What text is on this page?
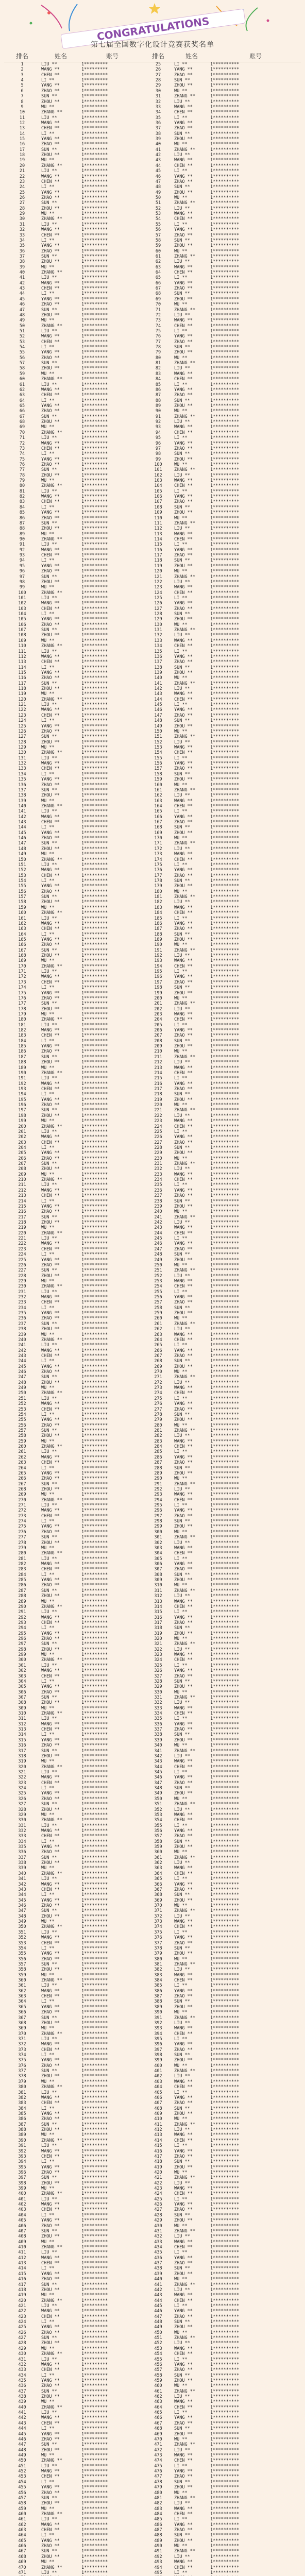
CONGRATULATIONS
第七届全国数字化设计竞赛获奖名单
排名	姓名	账号	排名	姓名	账号
1	LIU **	1*********	25	LI **	1**********
2	WANG **	1*********	26	YANG **	1**********
3	CHEN **	1*********	27	ZHAO **	1**********
4	LI **	1*********	28	SUN **	1**********
5	YANG **	1*********	29	ZHOU **	1**********
6	ZHAO **	1*********	30	WU **	1**********
7	SUN **	1*********	31	ZHANG **	1**********
8	ZHOU **	1*********	32	LIU **	1**********
9	WU **	1*********	33	WANG **	1**********
10	ZHANG **	1*********	34	CHEN **	1**********
11	LIU **	1*********	35	LI **	1**********
12	WANG **	1*********	36	YANG **	1**********
13	CHEN **	1*********	37	ZHAO **	1**********
14	LI **	1*********	38	SUN **	1**********
15	YANG **	1*********	39	ZHOU **	1**********
16	ZHAO **	1*********	40	WU **	1**********
17	SUN **	1*********	41	ZHANG **	1**********
18	ZHOU **	1*********	42	LIU **	1**********
19	WU **	1*********	43	WANG **	1**********
20	ZHANG **	1*********	44	CHEN **	1**********
21	LIU **	1*********	45	LI **	1**********
22	WANG **	1*********	46	YANG **	1**********
23	CHEN **	1*********	47	ZHAO **	1**********
24	LI **	1*********	48	SUN **	1**********
25	YANG **	1*********	49	ZHOU **	1**********
26	ZHAO **	1*********	50	WU **	1**********
27	SUN **	1*********	51	ZHANG **	1**********
28	ZHOU **	1*********	52	LIU **	1**********
29	WU **	1*********	53	WANG **	1**********
30	ZHANG **	1*********	54	CHEN **	1**********
31	LIU **	1*********	55	LI **	1**********
32	WANG **	1*********	56	YANG **	1**********
33	CHEN **	1*********	57	ZHAO **	1**********
34	LI **	1*********	58	SUN **	1**********
35	YANG **	1*********	59	ZHOU **	1**********
36	ZHAO **	1*********	60	WU **	1**********
37	SUN **	1*********	61	ZHANG **	1**********
38	ZHOU **	1*********	62	LIU **	1**********
39	WU **	1*********	63	WANG **	1**********
40	ZHANG **	1*********	64	CHEN **	1**********
41	LIU **	1*********	65	LI **	1**********
42	WANG **	1*********	66	YANG **	1**********
43	CHEN **	1*********	67	ZHAO **	1**********
44	LI **	1*********	68	SUN **	1**********
45	YANG **	1*********	69	ZHOU **	1**********
46	ZHAO **	1*********	70	WU **	1**********
47	SUN **	1*********	71	ZHANG **	1**********
48	ZHOU **	1*********	72	LIU **	1**********
49	WU **	1*********	73	WANG **	1**********
50	ZHANG **	1*********	74	CHEN **	1**********
51	LIU **	1*********	75	LI **	1**********
52	WANG **	1*********	76	YANG **	1**********
53	CHEN **	1*********	77	ZHAO **	1**********
54	LI **	1*********	78	SUN **	1**********
55	YANG **	1*********	79	ZHOU **	1**********
56	ZHAO **	1*********	80	WU **	1**********
57	SUN **	1*********	81	ZHANG **	1**********
58	ZHOU **	1*********	82	LIU **	1**********
59	WU **	1*********	83	WANG **	1**********
60	ZHANG **	1*********	84	CHEN **	1**********
61	LIU **	1*********	85	LI **	1**********
62	WANG **	1*********	86	YANG **	1**********
63	CHEN **	1*********	87	ZHAO **	1**********
64	LI **	1*********	88	SUN **	1**********
65	YANG **	1*********	89	ZHOU **	1**********
66	ZHAO **	1*********	90	WU **	1**********
67	SUN **	1*********	91	ZHANG **	1**********
68	ZHOU **	1*********	92	LIU **	1**********
69	WU **	1*********	93	WANG **	1**********
70	ZHANG **	1*********	94	CHEN **	1**********
71	LIU **	1*********	95	LI **	1**********
72	WANG **	1*********	96	YANG **	1**********
73	CHEN **	1*********	97	ZHAO **	1**********
74	LI **	1*********	98	SUN **	1**********
75	YANG **	1*********	99	ZHOU **	1**********
76	ZHAO **	1*********	100	WU **	1**********
77	SUN **	1*********	101	ZHANG **	1**********
78	ZHOU **	1*********	102	LIU **	1**********
79	WU **	1*********	103	WANG **	1**********
80	ZHANG **	1*********	104	CHEN **	1**********
81	LIU **	1*********	105	LI **	1**********
82	WANG **	1*********	106	YANG **	1**********
83	CHEN **	1*********	107	ZHAO **	1**********
84	LI **	1*********	108	SUN **	1**********
85	YANG **	1*********	109	ZHOU **	1**********
86	ZHAO **	1*********	110	WU **	1**********
87	SUN **	1*********	111	ZHANG **	1**********
88	ZHOU **	1*********	112	LIU **	1**********
89	WU **	1*********	113	WANG **	1**********
90	ZHANG **	1*********	114	CHEN **	1**********
91	LIU **	1*********	115	LI **	1**********
92	WANG **	1*********	116	YANG **	1**********
93	CHEN **	1*********	117	ZHAO **	1**********
94	LI **	1*********	118	SUN **	1**********
95	YANG **	1*********	119	ZHOU **	1**********
96	ZHAO **	1*********	120	WU **	1**********
97	SUN **	1*********	121	ZHANG **	1**********
98	ZHOU **	1*********	122	LIU **	1**********
99	WU **	1*********	123	WANG **	1**********
100	ZHANG **	1*********	124	CHEN **	1**********
101	LIU **	1*********	125	LI **	1**********
102	WANG **	1*********	126	YANG **	1**********
103	CHEN **	1*********	127	ZHAO **	1**********
104	LI **	1*********	128	SUN **	1**********
105	YANG **	1*********	129	ZHOU **	1**********
106	ZHAO **	1*********	130	WU **	1**********
107	SUN **	1*********	131	ZHANG **	1**********
108	ZHOU **	1*********	132	LIU **	1**********
109	WU **	1*********	133	WANG **	1**********
110	ZHANG **	1*********	134	CHEN **	1**********
111	LIU **	1*********	135	LI **	1**********
112	WANG **	1*********	136	YANG **	1**********
113	CHEN **	1*********	137	ZHAO **	1**********
114	LI **	1*********	138	SUN **	1**********
115	YANG **	1*********	139	ZHOU **	1**********
116	ZHAO **	1*********	140	WU **	1**********
117	SUN **	1*********	141	ZHANG **	1**********
118	ZHOU **	1*********	142	LIU **	1**********
119	WU **	1*********	143	WANG **	1**********
120	ZHANG **	1*********	144	CHEN **	1**********
121	LIU **	1*********	145	LI **	1**********
122	WANG **	1*********	146	YANG **	1**********
123	CHEN **	1*********	147	ZHAO **	1**********
124	LI **	1*********	148	SUN **	1**********
125	YANG **	1*********	149	ZHOU **	1**********
126	ZHAO **	1*********	150	WU **	1**********
127	SUN **	1*********	151	ZHANG **	1**********
128	ZHOU **	1*********	152	LIU **	1**********
129	WU **	1*********	153	WANG **	1**********
130	ZHANG **	1*********	154	CHEN **	1**********
131	LIU **	1*********	155	LI **	1**********
132	WANG **	1*********	156	YANG **	1**********
133	CHEN **	1*********	157	ZHAO **	1**********
134	LI **	1*********	158	SUN **	1**********
135	YANG **	1*********	159	ZHOU **	1**********
136	ZHAO **	1*********	160	WU **	1**********
137	SUN **	1*********	161	ZHANG **	1**********
138	ZHOU **	1*********	162	LIU **	1**********
139	WU **	1*********	163	WANG **	1**********
140	ZHANG **	1*********	164	CHEN **	1**********
141	LIU **	1*********	165	LI **	1**********
142	WANG **	1*********	166	YANG **	1**********
143	CHEN **	1*********	167	ZHAO **	1**********
144	LI **	1*********	168	SUN **	1**********
145	YANG **	1*********	169	ZHOU **	1**********
146	ZHAO **	1*********	170	WU **	1**********
147	SUN **	1*********	171	ZHANG **	1**********
148	ZHOU **	1*********	172	LIU **	1**********
149	WU **	1*********	173	WANG **	1**********
150	ZHANG **	1*********	174	CHEN **	1**********
151	LIU **	1*********	175	LI **	1**********
152	WANG **	1*********	176	YANG **	1**********
153	CHEN **	1*********	177	ZHAO **	1**********
154	LI **	1*********	178	SUN **	1**********
155	YANG **	1*********	179	ZHOU **	1**********
156	ZHAO **	1*********	180	WU **	1**********
157	SUN **	1*********	181	ZHANG **	1**********
158	ZHOU **	1*********	182	LIU **	1**********
159	WU **	1*********	183	WANG **	1**********
160	ZHANG **	1*********	184	CHEN **	1**********
161	LIU **	1*********	185	LI **	1**********
162	WANG **	1*********	186	YANG **	1**********
163	CHEN **	1*********	187	ZHAO **	1**********
164	LI **	1*********	188	SUN **	1**********
165	YANG **	1*********	189	ZHOU **	1**********
166	ZHAO **	1*********	190	WU **	1**********
167	SUN **	1*********	191	ZHANG **	1**********
168	ZHOU **	1*********	192	LIU **	1**********
169	WU **	1*********	193	WANG **	1**********
170	ZHANG **	1*********	194	CHEN **	1**********
171	LIU **	1*********	195	LI **	1**********
172	WANG **	1*********	196	YANG **	1**********
173	CHEN **	1*********	197	ZHAO **	1**********
174	LI **	1*********	198	SUN **	1**********
175	YANG **	1*********	199	ZHOU **	1**********
176	ZHAO **	1*********	200	WU **	1**********
177	SUN **	1*********	201	ZHANG **	1**********
178	ZHOU **	1*********	202	LIU **	1**********
179	WU **	1*********	203	WANG **	1**********
180	ZHANG **	1*********	204	CHEN **	1**********
181	LIU **	1*********	205	LI **	1**********
182	WANG **	1*********	206	YANG **	1**********
183	CHEN **	1*********	207	ZHAO **	1**********
184	LI **	1*********	208	SUN **	1**********
185	YANG **	1*********	209	ZHOU **	1**********
186	ZHAO **	1*********	210	WU **	1**********
187	SUN **	1*********	211	ZHANG **	1**********
188	ZHOU **	1*********	212	LIU **	1**********
189	WU **	1*********	213	WANG **	1**********
190	ZHANG **	1*********	214	CHEN **	1**********
191	LIU **	1*********	215	LI **	1**********
192	WANG **	1*********	216	YANG **	1**********
193	CHEN **	1*********	217	ZHAO **	1**********
194	LI **	1*********	218	SUN **	1**********
195	YANG **	1*********	219	ZHOU **	1**********
196	ZHAO **	1*********	220	WU **	1**********
197	SUN **	1*********	221	ZHANG **	1**********
198	ZHOU **	1*********	222	LIU **	1**********
199	WU **	1*********	223	WANG **	1**********
200	ZHANG **	1*********	224	CHEN **	1**********
201	LIU **	1*********	225	LI **	1**********
202	WANG **	1*********	226	YANG **	1**********
203	CHEN **	1*********	227	ZHAO **	1**********
204	LI **	1*********	228	SUN **	1**********
205	YANG **	1*********	229	ZHOU **	1**********
206	ZHAO **	1*********	230	WU **	1**********
207	SUN **	1*********	231	ZHANG **	1**********
208	ZHOU **	1*********	232	LIU **	1**********
209	WU **	1*********	233	WANG **	1**********
210	ZHANG **	1*********	234	CHEN **	1**********
211	LIU **	1*********	235	LI **	1**********
212	WANG **	1*********	236	YANG **	1**********
213	CHEN **	1*********	237	ZHAO **	1**********
214	LI **	1*********	238	SUN **	1**********
215	YANG **	1*********	239	ZHOU **	1**********
216	ZHAO **	1*********	240	WU **	1**********
217	SUN **	1*********	241	ZHANG **	1**********
218	ZHOU **	1*********	242	LIU **	1**********
219	WU **	1*********	243	WANG **	1**********
220	ZHANG **	1*********	244	CHEN **	1**********
221	LIU **	1*********	245	LI **	1**********
222	WANG **	1*********	246	YANG **	1**********
223	CHEN **	1*********	247	ZHAO **	1**********
224	LI **	1*********	248	SUN **	1**********
225	YANG **	1*********	249	ZHOU **	1**********
226	ZHAO **	1*********	250	WU **	1**********
227	SUN **	1*********	251	ZHANG **	1**********
228	ZHOU **	1*********	252	LIU **	1**********
229	WU **	1*********	253	WANG **	1**********
230	ZHANG **	1*********	254	CHEN **	1**********
231	LIU **	1*********	255	LI **	1**********
232	WANG **	1*********	256	YANG **	1**********
233	CHEN **	1*********	257	ZHAO **	1**********
234	LI **	1*********	258	SUN **	1**********
235	YANG **	1*********	259	ZHOU **	1**********
236	ZHAO **	1*********	260	WU **	1**********
237	SUN **	1*********	261	ZHANG **	1**********
238	ZHOU **	1*********	262	LIU **	1**********
239	WU **	1*********	263	WANG **	1**********
240	ZHANG **	1*********	264	CHEN **	1**********
241	LIU **	1*********	265	LI **	1**********
242	WANG **	1*********	266	YANG **	1**********
243	CHEN **	1*********	267	ZHAO **	1**********
244	LI **	1*********	268	SUN **	1**********
245	YANG **	1*********	269	ZHOU **	1**********
246	ZHAO **	1*********	270	WU **	1**********
247	SUN **	1*********	271	ZHANG **	1**********
248	ZHOU **	1*********	272	LIU **	1**********
249	WU **	1*********	273	WANG **	1**********
250	ZHANG **	1*********	274	CHEN **	1**********
251	LIU **	1*********	275	LI **	1**********
252	WANG **	1*********	276	YANG **	1**********
253	CHEN **	1*********	277	ZHAO **	1**********
254	LI **	1*********	278	SUN **	1**********
255	YANG **	1*********	279	ZHOU **	1**********
256	ZHAO **	1*********	280	WU **	1**********
257	SUN **	1*********	281	ZHANG **	1**********
258	ZHOU **	1*********	282	LIU **	1**********
259	WU **	1*********	283	WANG **	1**********
260	ZHANG **	1*********	284	CHEN **	1**********
261	LIU **	1*********	285	LI **	1**********
262	WANG **	1*********	286	YANG **	1**********
263	CHEN **	1*********	287	ZHAO **	1**********
264	LI **	1*********	288	SUN **	1**********
265	YANG **	1*********	289	ZHOU **	1**********
266	ZHAO **	1*********	290	WU **	1**********
267	SUN **	1*********	291	ZHANG **	1**********
268	ZHOU **	1*********	292	LIU **	1**********
269	WU **	1*********	293	WANG **	1**********
270	ZHANG **	1*********	294	CHEN **	1**********
271	LIU **	1*********	295	LI **	1**********
272	WANG **	1*********	296	YANG **	1**********
273	CHEN **	1*********	297	ZHAO **	1**********
274	LI **	1*********	298	SUN **	1**********
275	YANG **	1*********	299	ZHOU **	1**********
276	ZHAO **	1*********	300	WU **	1**********
277	SUN **	1*********	301	ZHANG **	1**********
278	ZHOU **	1*********	302	LIU **	1**********
279	WU **	1*********	303	WANG **	1**********
280	ZHANG **	1*********	304	CHEN **	1**********
281	LIU **	1*********	305	LI **	1**********
282	WANG **	1*********	306	YANG **	1**********
283	CHEN **	1*********	307	ZHAO **	1**********
284	LI **	1*********	308	SUN **	1**********
285	YANG **	1*********	309	ZHOU **	1**********
286	ZHAO **	1*********	310	WU **	1**********
287	SUN **	1*********	311	ZHANG **	1**********
288	ZHOU **	1*********	312	LIU **	1**********
289	WU **	1*********	313	WANG **	1**********
290	ZHANG **	1*********	314	CHEN **	1**********
291	LIU **	1*********	315	LI **	1**********
292	WANG **	1*********	316	YANG **	1**********
293	CHEN **	1*********	317	ZHAO **	1**********
294	LI **	1*********	318	SUN **	1**********
295	YANG **	1*********	319	ZHOU **	1**********
296	ZHAO **	1*********	320	WU **	1**********
297	SUN **	1*********	321	ZHANG **	1**********
298	ZHOU **	1*********	322	LIU **	1**********
299	WU **	1*********	323	WANG **	1**********
300	ZHANG **	1*********	324	CHEN **	1**********
301	LIU **	1*********	325	LI **	1**********
302	WANG **	1*********	326	YANG **	1**********
303	CHEN **	1*********	327	ZHAO **	1**********
304	LI **	1*********	328	SUN **	1**********
305	YANG **	1*********	329	ZHOU **	1**********
306	ZHAO **	1*********	330	WU **	1**********
307	SUN **	1*********	331	ZHANG **	1**********
308	ZHOU **	1*********	332	LIU **	1**********
309	WU **	1*********	333	WANG **	1**********
310	ZHANG **	1*********	334	CHEN **	1**********
311	LIU **	1*********	335	LI **	1**********
312	WANG **	1*********	336	YANG **	1**********
313	CHEN **	1*********	337	ZHAO **	1**********
314	LI **	1*********	338	SUN **	1**********
315	YANG **	1*********	339	ZHOU **	1**********
316	ZHAO **	1*********	340	WU **	1**********
317	SUN **	1*********	341	ZHANG **	1**********
318	ZHOU **	1*********	342	LIU **	1**********
319	WU **	1*********	343	WANG **	1**********
320	ZHANG **	1*********	344	CHEN **	1**********
321	LIU **	1*********	345	LI **	1**********
322	WANG **	1*********	346	YANG **	1**********
323	CHEN **	1*********	347	ZHAO **	1**********
324	LI **	1*********	348	SUN **	1**********
325	YANG **	1*********	349	ZHOU **	1**********
326	ZHAO **	1*********	350	WU **	1**********
327	SUN **	1*********	351	ZHANG **	1**********
328	ZHOU **	1*********	352	LIU **	1**********
329	WU **	1*********	353	WANG **	1**********
330	ZHANG **	1*********	354	CHEN **	1**********
331	LIU **	1*********	355	LI **	1**********
332	WANG **	1*********	356	YANG **	1**********
333	CHEN **	1*********	357	ZHAO **	1**********
334	LI **	1*********	358	SUN **	1**********
335	YANG **	1*********	359	ZHOU **	1**********
336	ZHAO **	1*********	360	WU **	1**********
337	SUN **	1*********	361	ZHANG **	1**********
338	ZHOU **	1*********	362	LIU **	1**********
339	WU **	1*********	363	WANG **	1**********
340	ZHANG **	1*********	364	CHEN **	1**********
341	LIU **	1*********	365	LI **	1**********
342	WANG **	1*********	366	YANG **	1**********
343	CHEN **	1*********	367	ZHAO **	1**********
344	LI **	1*********	368	SUN **	1**********
345	YANG **	1*********	369	ZHOU **	1**********
346	ZHAO **	1*********	370	WU **	1**********
347	SUN **	1*********	371	ZHANG **	1**********
348	ZHOU **	1*********	372	LIU **	1**********
349	WU **	1*********	373	WANG **	1**********
350	ZHANG **	1*********	374	CHEN **	1**********
351	LIU **	1*********	375	LI **	1**********
352	WANG **	1*********	376	YANG **	1**********
353	CHEN **	1*********	377	ZHAO **	1**********
354	LI **	1*********	378	SUN **	1**********
355	YANG **	1*********	379	ZHOU **	1**********
356	ZHAO **	1*********	380	WU **	1**********
357	SUN **	1*********	381	ZHANG **	1**********
358	ZHOU **	1*********	382	LIU **	1**********
359	WU **	1*********	383	WANG **	1**********
360	ZHANG **	1*********	384	CHEN **	1**********
361	LIU **	1*********	385	LI **	1**********
362	WANG **	1*********	386	YANG **	1**********
363	CHEN **	1*********	387	ZHAO **	1**********
364	LI **	1*********	388	SUN **	1**********
365	YANG **	1*********	389	ZHOU **	1**********
366	ZHAO **	1*********	390	WU **	1**********
367	SUN **	1*********	391	ZHANG **	1**********
368	ZHOU **	1*********	392	LIU **	1**********
369	WU **	1*********	393	WANG **	1**********
370	ZHANG **	1*********	394	CHEN **	1**********
371	LIU **	1*********	395	LI **	1**********
372	WANG **	1*********	396	YANG **	1**********
373	CHEN **	1*********	397	ZHAO **	1**********
374	LI **	1*********	398	SUN **	1**********
375	YANG **	1*********	399	ZHOU **	1**********
376	ZHAO **	1*********	400	WU **	1**********
377	SUN **	1*********	401	ZHANG **	1**********
378	ZHOU **	1*********	402	LIU **	1**********
379	WU **	1*********	403	WANG **	1**********
380	ZHANG **	1*********	404	CHEN **	1**********
381	LIU **	1*********	405	LI **	1**********
382	WANG **	1*********	406	YANG **	1**********
383	CHEN **	1*********	407	ZHAO **	1**********
384	LI **	1*********	408	SUN **	1**********
385	YANG **	1*********	409	ZHOU **	1**********
386	ZHAO **	1*********	410	WU **	1**********
387	SUN **	1*********	411	ZHANG **	1**********
388	ZHOU **	1*********	412	LIU **	1**********
389	WU **	1*********	413	WANG **	1**********
390	ZHANG **	1*********	414	CHEN **	1**********
391	LIU **	1*********	415	LI **	1**********
392	WANG **	1*********	416	YANG **	1**********
393	CHEN **	1*********	417	ZHAO **	1**********
394	LI **	1*********	418	SUN **	1**********
395	YANG **	1*********	419	ZHOU **	1**********
396	ZHAO **	1*********	420	WU **	1**********
397	SUN **	1*********	421	ZHANG **	1**********
398	ZHOU **	1*********	422	LIU **	1**********
399	WU **	1*********	423	WANG **	1**********
400	ZHANG **	1*********	424	CHEN **	1**********
401	LIU **	1*********	425	LI **	1**********
402	WANG **	1*********	426	YANG **	1**********
403	CHEN **	1*********	427	ZHAO **	1**********
404	LI **	1*********	428	SUN **	1**********
405	YANG **	1*********	429	ZHOU **	1**********
406	ZHAO **	1*********	430	WU **	1**********
407	SUN **	1*********	431	ZHANG **	1**********
408	ZHOU **	1*********	432	LIU **	1**********
409	WU **	1*********	433	WANG **	1**********
410	ZHANG **	1*********	434	CHEN **	1**********
411	LIU **	1*********	435	LI **	1**********
412	WANG **	1*********	436	YANG **	1**********
413	CHEN **	1*********	437	ZHAO **	1**********
414	LI **	1*********	438	SUN **	1**********
415	YANG **	1*********	439	ZHOU **	1**********
416	ZHAO **	1*********	440	WU **	1**********
417	SUN **	1*********	441	ZHANG **	1**********
418	ZHOU **	1*********	442	LIU **	1**********
419	WU **	1*********	443	WANG **	1**********
420	ZHANG **	1*********	444	CHEN **	1**********
421	LIU **	1*********	445	LI **	1**********
422	WANG **	1*********	446	YANG **	1**********
423	CHEN **	1*********	447	ZHAO **	1**********
424	LI **	1*********	448	SUN **	1**********
425	YANG **	1*********	449	ZHOU **	1**********
426	ZHAO **	1*********	450	WU **	1**********
427	SUN **	1*********	451	ZHANG **	1**********
428	ZHOU **	1*********	452	LIU **	1**********
429	WU **	1*********	453	WANG **	1**********
430	ZHANG **	1*********	454	CHEN **	1**********
431	LIU **	1*********	455	LI **	1**********
432	WANG **	1*********	456	YANG **	1**********
433	CHEN **	1*********	457	ZHAO **	1**********
434	LI **	1*********	458	SUN **	1**********
435	YANG **	1*********	459	ZHOU **	1**********
436	ZHAO **	1*********	460	WU **	1**********
437	SUN **	1*********	461	ZHANG **	1**********
438	ZHOU **	1*********	462	LIU **	1**********
439	WU **	1*********	463	WANG **	1**********
440	ZHANG **	1*********	464	CHEN **	1**********
441	LIU **	1*********	465	LI **	1**********
442	WANG **	1*********	466	YANG **	1**********
443	CHEN **	1*********	467	ZHAO **	1**********
444	LI **	1*********	468	SUN **	1**********
445	YANG **	1*********	469	ZHOU **	1**********
446	ZHAO **	1*********	470	WU **	1**********
447	SUN **	1*********	471	ZHANG **	1**********
448	ZHOU **	1*********	472	LIU **	1**********
449	WU **	1*********	473	WANG **	1**********
450	ZHANG **	1*********	474	CHEN **	1**********
451	LIU **	1*********	475	LI **	1**********
452	WANG **	1*********	476	YANG **	1**********
453	CHEN **	1*********	477	ZHAO **	1**********
454	LI **	1*********	478	SUN **	1**********
455	YANG **	1*********	479	ZHOU **	1**********
456	ZHAO **	1*********	480	WU **	1**********
457	SUN **	1*********	481	ZHANG **	1**********
458	ZHOU **	1*********	482	LIU **	1**********
459	WU **	1*********	483	WANG **	1**********
460	ZHANG **	1*********	484	CHEN **	1**********
461	LIU **	1*********	485	LI **	1**********
462	WANG **	1*********	486	YANG **	1**********
463	CHEN **	1*********	487	ZHAO **	1**********
464	LI **	1*********	488	SUN **	1**********
465	YANG **	1*********	489	ZHOU **	1**********
466	ZHAO **	1*********	490	WU **	1**********
467	SUN **	1*********	491	ZHANG **	1**********
468	ZHOU **	1*********	492	LIU **	1**********
469	WU **	1*********	493	WANG **	1**********
470	ZHANG **	1*********	494	CHEN **	1**********
471	LIU **	1*********	495	LI **	1**********
